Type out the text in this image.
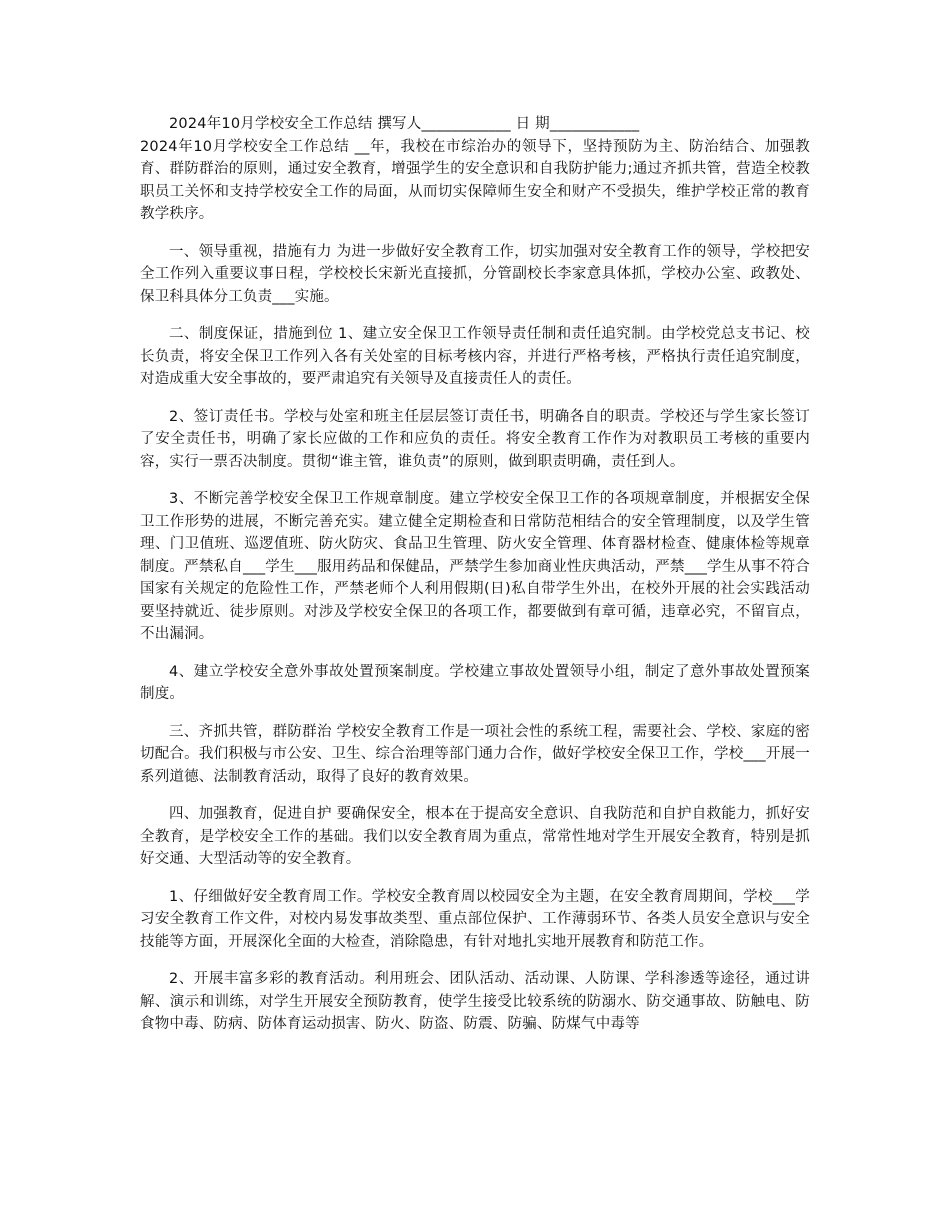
2024年10月学校安全工作总结 撰写人____________ 日 期____________

2024年10月学校安全工作总结 __年，我校在市综治办的领导下，坚持预防为主、防治结合、加强教育、群防群治的原则，通过安全教育，增强学生的安全意识和自我防护能力;通过齐抓共管，营造全校教职员工关怀和支持学校安全工作的局面，从而切实保障师生安全和财产不受损失，维护学校正常的教育教学秩序。

一、领导重视，措施有力 为进一步做好安全教育工作，切实加强对安全教育工作的领导，学校把安全工作列入重要议事日程，学校校长宋新光直接抓，分管副校长李家意具体抓，学校办公室、政教处、保卫科具体分工负责___实施。

二、制度保证，措施到位 1、建立安全保卫工作领导责任制和责任追究制。由学校党总支书记、校长负责，将安全保卫工作列入各有关处室的目标考核内容，并进行严格考核，严格执行责任追究制度，对造成重大安全事故的，要严肃追究有关领导及直接责任人的责任。

2、签订责任书。学校与处室和班主任层层签订责任书，明确各自的职责。学校还与学生家长签订了安全责任书，明确了家长应做的工作和应负的责任。将安全教育工作作为对教职员工考核的重要内容，实行一票否决制度。贯彻“谁主管，谁负责”的原则，做到职责明确，责任到人。

3、不断完善学校安全保卫工作规章制度。建立学校安全保卫工作的各项规章制度，并根据安全保卫工作形势的进展，不断完善充实。建立健全定期检查和日常防范相结合的安全管理制度，以及学生管理、门卫值班、巡逻值班、防火防灾、食品卫生管理、防火安全管理、体育器材检查、健康体检等规章制度。严禁私自___学生___服用药品和保健品，严禁学生参加商业性庆典活动，严禁___学生从事不符合国家有关规定的危险性工作，严禁老师个人利用假期(日)私自带学生外出，在校外开展的社会实践活动要坚持就近、徒步原则。对涉及学校安全保卫的各项工作，都要做到有章可循，违章必究，不留盲点，不出漏洞。

4、建立学校安全意外事故处置预案制度。学校建立事故处置领导小组，制定了意外事故处置预案制度。

三、齐抓共管，群防群治 学校安全教育工作是一项社会性的系统工程，需要社会、学校、家庭的密切配合。我们积极与市公安、卫生、综合治理等部门通力合作，做好学校安全保卫工作，学校___开展一系列道德、法制教育活动，取得了良好的教育效果。

四、加强教育，促进自护 要确保安全，根本在于提高安全意识、自我防范和自护自救能力，抓好安全教育，是学校安全工作的基础。我们以安全教育周为重点，常常性地对学生开展安全教育，特别是抓好交通、大型活动等的安全教育。

1、仔细做好安全教育周工作。学校安全教育周以校园安全为主题，在安全教育周期间，学校___学习安全教育工作文件，对校内易发事故类型、重点部位保护、工作薄弱环节、各类人员安全意识与安全技能等方面，开展深化全面的大检查，消除隐患，有针对地扎实地开展教育和防范工作。

2、开展丰富多彩的教育活动。利用班会、团队活动、活动课、人防课、学科渗透等途径，通过讲解、演示和训练，对学生开展安全预防教育，使学生接受比较系统的防溺水、防交通事故、防触电、防食物中毒、防病、防体育运动损害、防火、防盗、防震、防骗、防煤气中毒等
